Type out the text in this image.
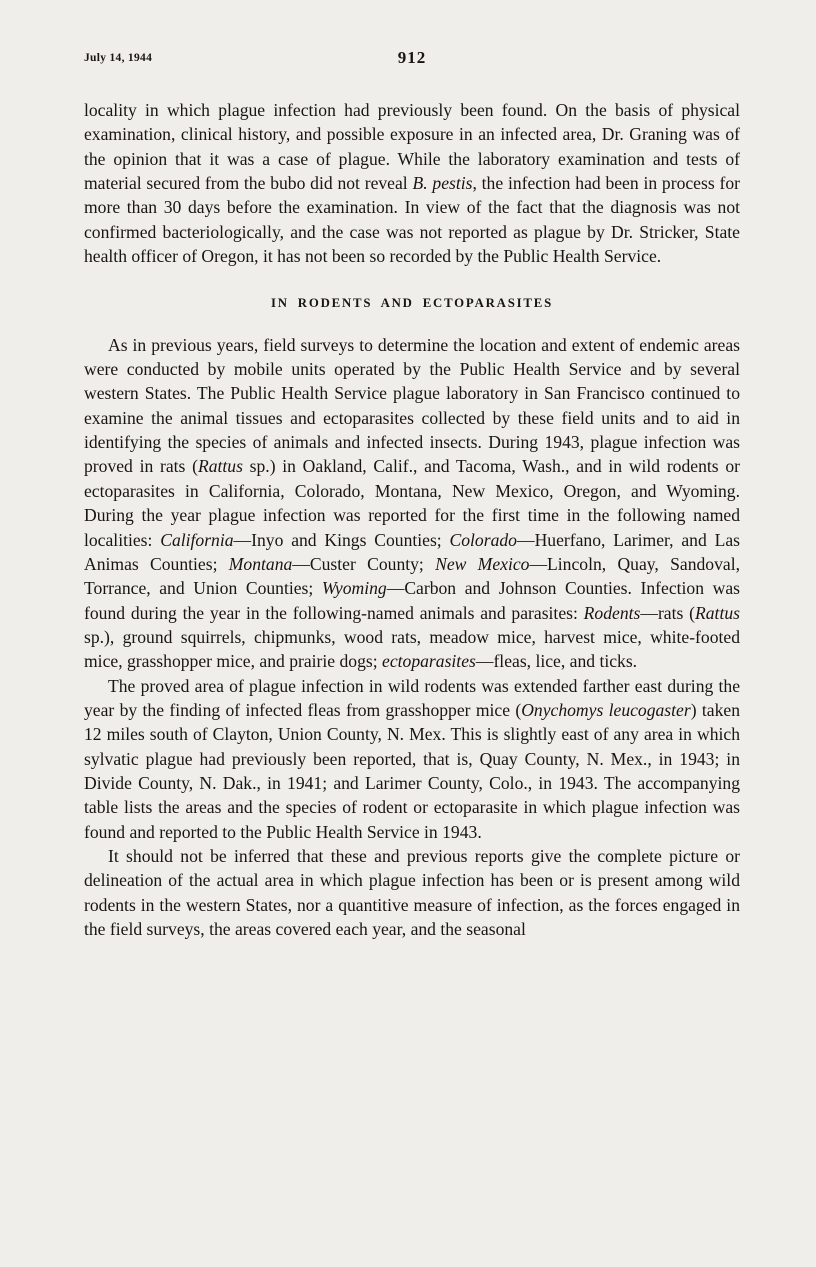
July 14, 1944	912

locality in which plague infection had previously been found. On the basis of physical examination, clinical history, and possible exposure in an infected area, Dr. Graning was of the opinion that it was a case of plague. While the laboratory examination and tests of material secured from the bubo did not reveal B. pestis, the infection had been in process for more than 30 days before the examination. In view of the fact that the diagnosis was not confirmed bacteriologically, and the case was not reported as plague by Dr. Stricker, State health officer of Oregon, it has not been so recorded by the Public Health Service.

IN RODENTS AND ECTOPARASITES

As in previous years, field surveys to determine the location and extent of endemic areas were conducted by mobile units operated by the Public Health Service and by several western States. The Public Health Service plague laboratory in San Francisco continued to examine the animal tissues and ectoparasites collected by these field units and to aid in identifying the species of animals and infected insects. During 1943, plague infection was proved in rats (Rattus sp.) in Oakland, Calif., and Tacoma, Wash., and in wild rodents or ectoparasites in California, Colorado, Montana, New Mexico, Oregon, and Wyoming. During the year plague infection was reported for the first time in the following named localities: California—Inyo and Kings Counties; Colorado—Huerfano, Larimer, and Las Animas Counties; Montana—Custer County; New Mexico—Lincoln, Quay, Sandoval, Torrance, and Union Counties; Wyoming—Carbon and Johnson Counties. Infection was found during the year in the following-named animals and parasites: Rodents—rats (Rattus sp.), ground squirrels, chipmunks, wood rats, meadow mice, harvest mice, white-footed mice, grasshopper mice, and prairie dogs; ectoparasites—fleas, lice, and ticks.

The proved area of plague infection in wild rodents was extended farther east during the year by the finding of infected fleas from grasshopper mice (Onychomys leucogaster) taken 12 miles south of Clayton, Union County, N. Mex. This is slightly east of any area in which sylvatic plague had previously been reported, that is, Quay County, N. Mex., in 1943; in Divide County, N. Dak., in 1941; and Larimer County, Colo., in 1943. The accompanying table lists the areas and the species of rodent or ectoparasite in which plague infection was found and reported to the Public Health Service in 1943.

It should not be inferred that these and previous reports give the complete picture or delineation of the actual area in which plague infection has been or is present among wild rodents in the western States, nor a quantitive measure of infection, as the forces engaged in the field surveys, the areas covered each year, and the seasonal
